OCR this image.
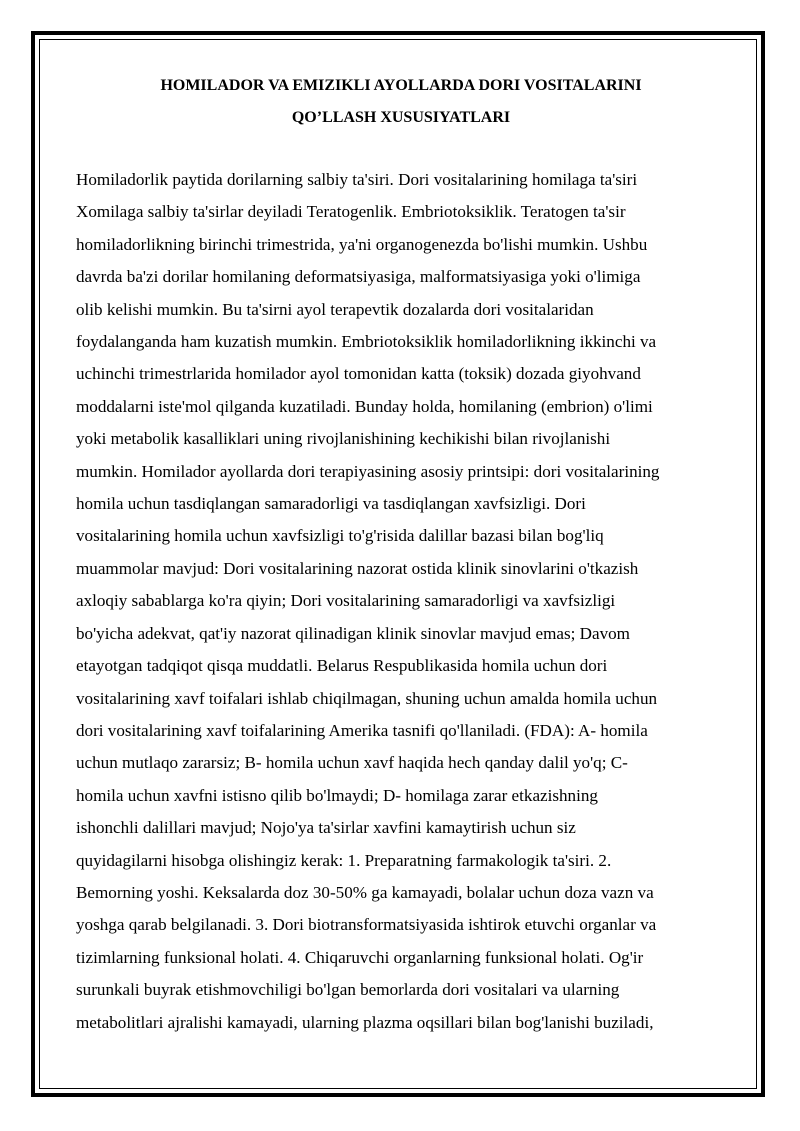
HOMILADOR VA EMIZIKLI AYOLLARDA DORI VOSITALARINI
QO’LLASH XUSUSIYATLARI

Homiladorlik paytida dorilarning salbiy ta'siri. Dori vositalarining homilaga ta'siri
Xomilaga salbiy ta'sirlar deyiladi Teratogenlik. Embriotoksiklik. Teratogen ta'sir
homiladorlikning birinchi trimestrida, ya'ni organogenezda bo'lishi mumkin. Ushbu
davrda ba'zi dorilar homilaning deformatsiyasiga, malformatsiyasiga yoki o'limiga
olib kelishi mumkin. Bu ta'sirni ayol terapevtik dozalarda dori vositalaridan
foydalanganda ham kuzatish mumkin. Embriotoksiklik homiladorlikning ikkinchi va
uchinchi trimestrlarida homilador ayol tomonidan katta (toksik) dozada giyohvand
moddalarni iste'mol qilganda kuzatiladi. Bunday holda, homilaning (embrion) o'limi
yoki metabolik kasalliklari uning rivojlanishining kechikishi bilan rivojlanishi
mumkin. Homilador ayollarda dori terapiyasining asosiy printsipi: dori vositalarining
homila uchun tasdiqlangan samaradorligi va tasdiqlangan xavfsizligi. Dori
vositalarining homila uchun xavfsizligi to'g'risida dalillar bazasi bilan bog'liq
muammolar mavjud: Dori vositalarining nazorat ostida klinik sinovlarini o'tkazish
axloqiy sabablarga ko'ra qiyin; Dori vositalarining samaradorligi va xavfsizligi
bo'yicha adekvat, qat'iy nazorat qilinadigan klinik sinovlar mavjud emas; Davom
etayotgan tadqiqot qisqa muddatli. Belarus Respublikasida homila uchun dori
vositalarining xavf toifalari ishlab chiqilmagan, shuning uchun amalda homila uchun
dori vositalarining xavf toifalarining Amerika tasnifi qo'llaniladi. (FDA): A- homila
uchun mutlaqo zararsiz; B- homila uchun xavf haqida hech qanday dalil yo'q; C-
homila uchun xavfni istisno qilib bo'lmaydi; D- homilaga zarar etkazishning
ishonchli dalillari mavjud; Nojo'ya ta'sirlar xavfini kamaytirish uchun siz
quyidagilarni hisobga olishingiz kerak: 1. Preparatning farmakologik ta'siri. 2.
Bemorning yoshi. Keksalarda doz 30-50% ga kamayadi, bolalar uchun doza vazn va
yoshga qarab belgilanadi. 3. Dori biotransformatsiyasida ishtirok etuvchi organlar va
tizimlarning funksional holati. 4. Chiqaruvchi organlarning funksional holati. Og'ir
surunkali buyrak etishmovchiligi bo'lgan bemorlarda dori vositalari va ularning
metabolitlari ajralishi kamayadi, ularning plazma oqsillari bilan bog'lanishi buziladi,
